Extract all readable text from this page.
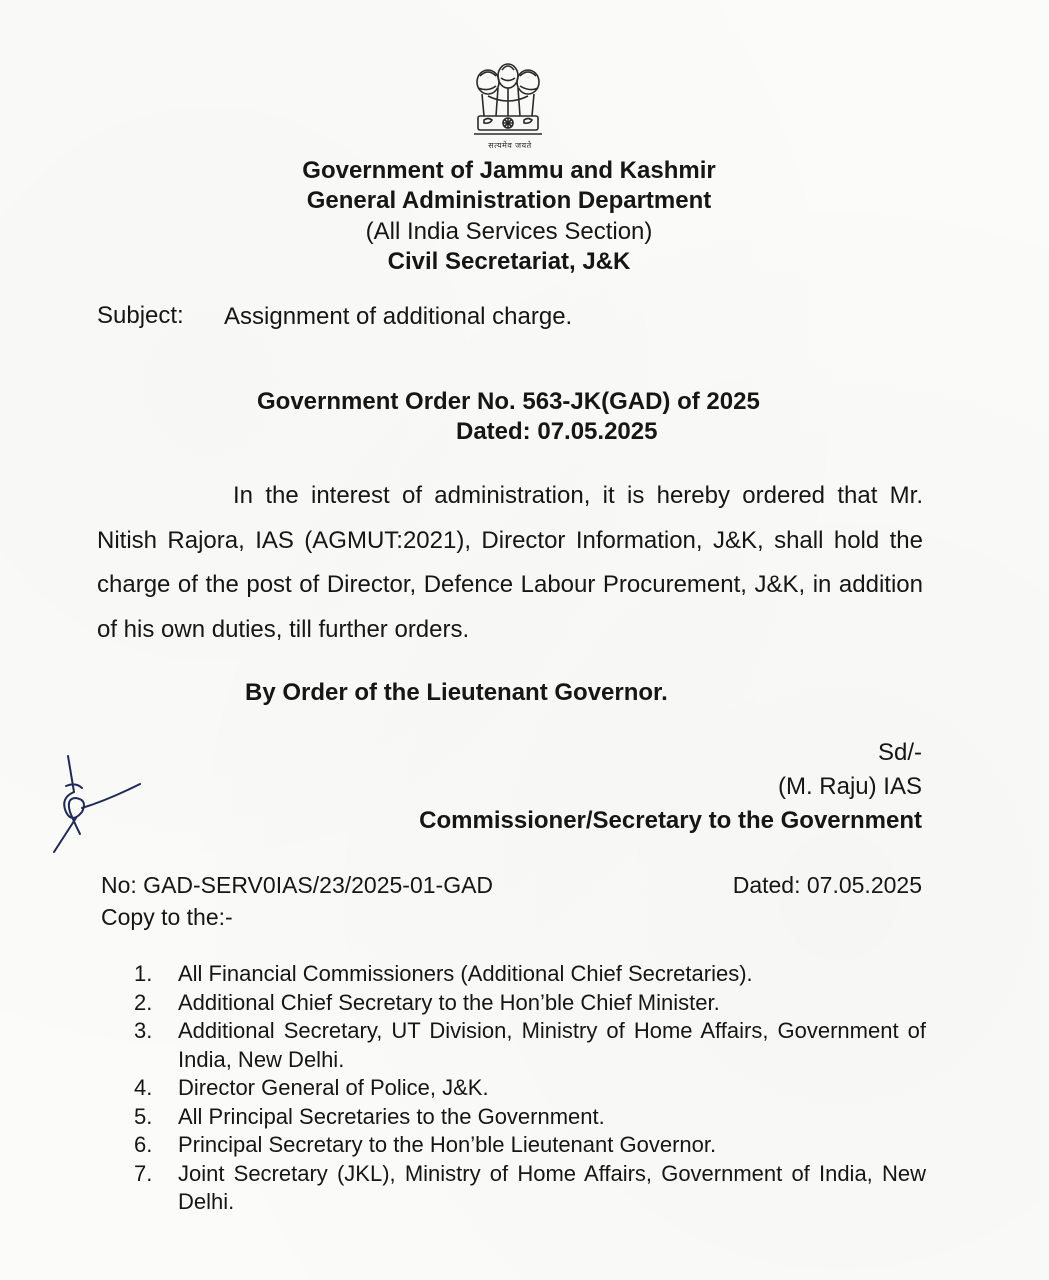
सत्यमेव जयते
Government of Jammu and Kashmir
General Administration Department
(All India Services Section)
Civil Secretariat, J&K
Subject: Assignment of additional charge.
Government Order No. 563-JK(GAD) of 2025
Dated: 07.05.2025
In the interest of administration, it is hereby ordered that Mr. Nitish Rajora, IAS (AGMUT:2021), Director Information, J&K, shall hold the charge of the post of Director, Defence Labour Procurement, J&K, in addition of his own duties, till further orders.
By Order of the Lieutenant Governor.
Sd/-
(M. Raju) IAS
Commissioner/Secretary to the Government
No: GAD-SERV0IAS/23/2025-01-GAD	Dated: 07.05.2025
Copy to the:-
1. All Financial Commissioners (Additional Chief Secretaries).
2. Additional Chief Secretary to the Hon’ble Chief Minister.
3. Additional Secretary, UT Division, Ministry of Home Affairs, Government of India, New Delhi.
4. Director General of Police, J&K.
5. All Principal Secretaries to the Government.
6. Principal Secretary to the Hon’ble Lieutenant Governor.
7. Joint Secretary (JKL), Ministry of Home Affairs, Government of India, New Delhi.
